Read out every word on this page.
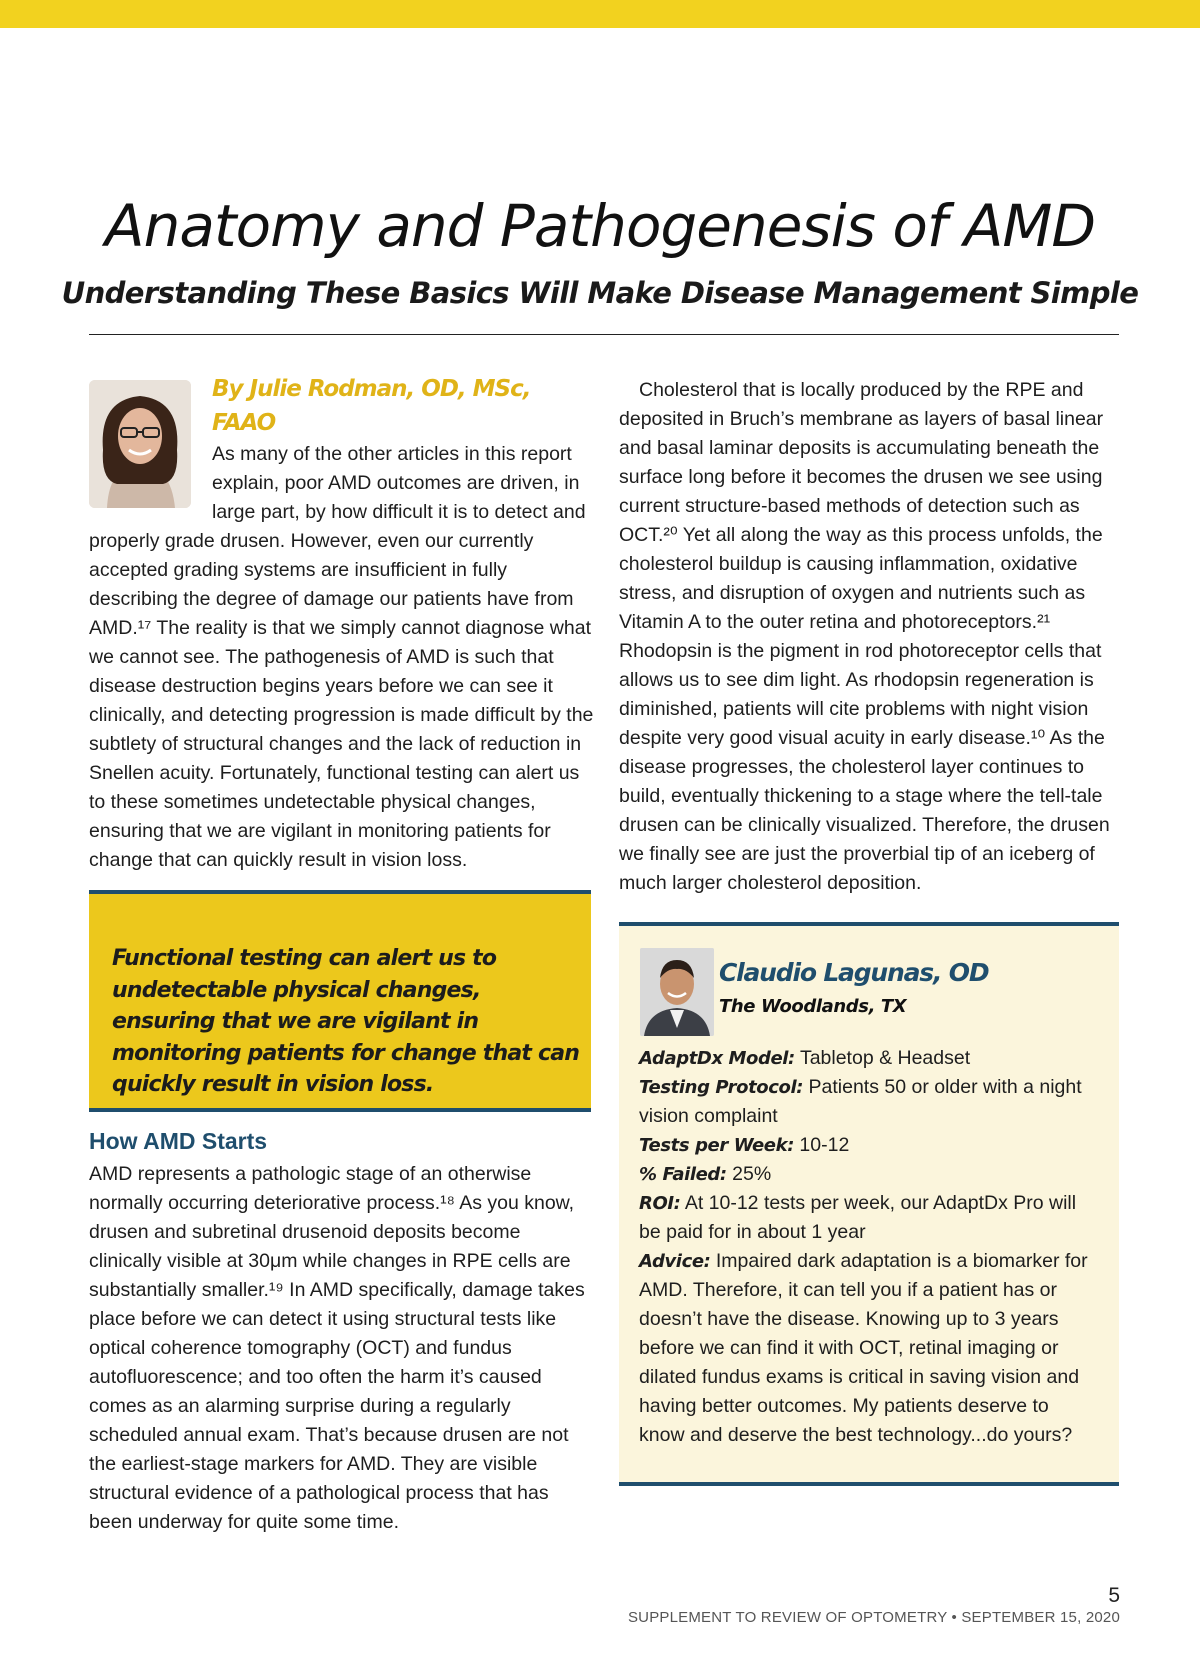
Anatomy and Pathogenesis of AMD
Understanding These Basics Will Make Disease Management Simple
By Julie Rodman, OD, MSc, FAAO

As many of the other articles in this report explain, poor AMD outcomes are driven, in large part, by how difficult it is to detect and properly grade drusen. However, even our currently accepted grading systems are insufficient in fully describing the degree of damage our patients have from AMD.¹⁷ The reality is that we simply cannot diagnose what we cannot see. The pathogenesis of AMD is such that disease destruction begins years before we can see it clinically, and detecting progression is made difficult by the subtlety of structural changes and the lack of reduction in Snellen acuity. Fortunately, functional testing can alert us to these sometimes undetectable physical changes, ensuring that we are vigilant in monitoring patients for change that can quickly result in vision loss.

Functional testing can alert us to undetectable physical changes, ensuring that we are vigilant in monitoring patients for change that can quickly result in vision loss.
How AMD Starts

AMD represents a pathologic stage of an otherwise normally occurring deteriorative process.¹⁸ As you know, drusen and subretinal drusenoid deposits become clinically visible at 30μm while changes in RPE cells are substantially smaller.¹⁹ In AMD specifically, damage takes place before we can detect it using structural tests like optical coherence tomography (OCT) and fundus autofluorescence; and too often the harm it’s caused comes as an alarming surprise during a regularly scheduled annual exam. That’s because drusen are not the earliest-stage markers for AMD. They are visible structural evidence of a pathological process that has been underway for quite some time.

Cholesterol that is locally produced by the RPE and deposited in Bruch’s membrane as layers of basal linear and basal laminar deposits is accumulating beneath the surface long before it becomes the drusen we see using current structure-based methods of detection such as OCT.²⁰ Yet all along the way as this process unfolds, the cholesterol buildup is causing inflammation, oxidative stress, and disruption of oxygen and nutrients such as Vitamin A to the outer retina and photoreceptors.²¹ Rhodopsin is the pigment in rod photoreceptor cells that allows us to see dim light. As rhodopsin regeneration is diminished, patients will cite problems with night vision despite very good visual acuity in early disease.¹⁰ As the disease progresses, the cholesterol layer continues to build, eventually thickening to a stage where the tell-tale drusen can be clinically visualized. Therefore, the drusen we finally see are just the proverbial tip of an iceberg of much larger cholesterol deposition.

Claudio Lagunas, OD
The Woodlands, TX

AdaptDx Model: Tabletop & Headset

Testing Protocol: Patients 50 or older with a night vision complaint

Tests per Week: 10-12

% Failed: 25%

ROI: At 10-12 tests per week, our AdaptDx Pro will be paid for in about 1 year

Advice: Impaired dark adaptation is a biomarker for AMD. Therefore, it can tell you if a patient has or doesn’t have the disease. Knowing up to 3 years before we can find it with OCT, retinal imaging or dilated fundus exams is critical in saving vision and having better outcomes. My patients deserve to know and deserve the best technology...do yours?

5
SUPPLEMENT TO REVIEW OF OPTOMETRY • SEPTEMBER 15, 2020
